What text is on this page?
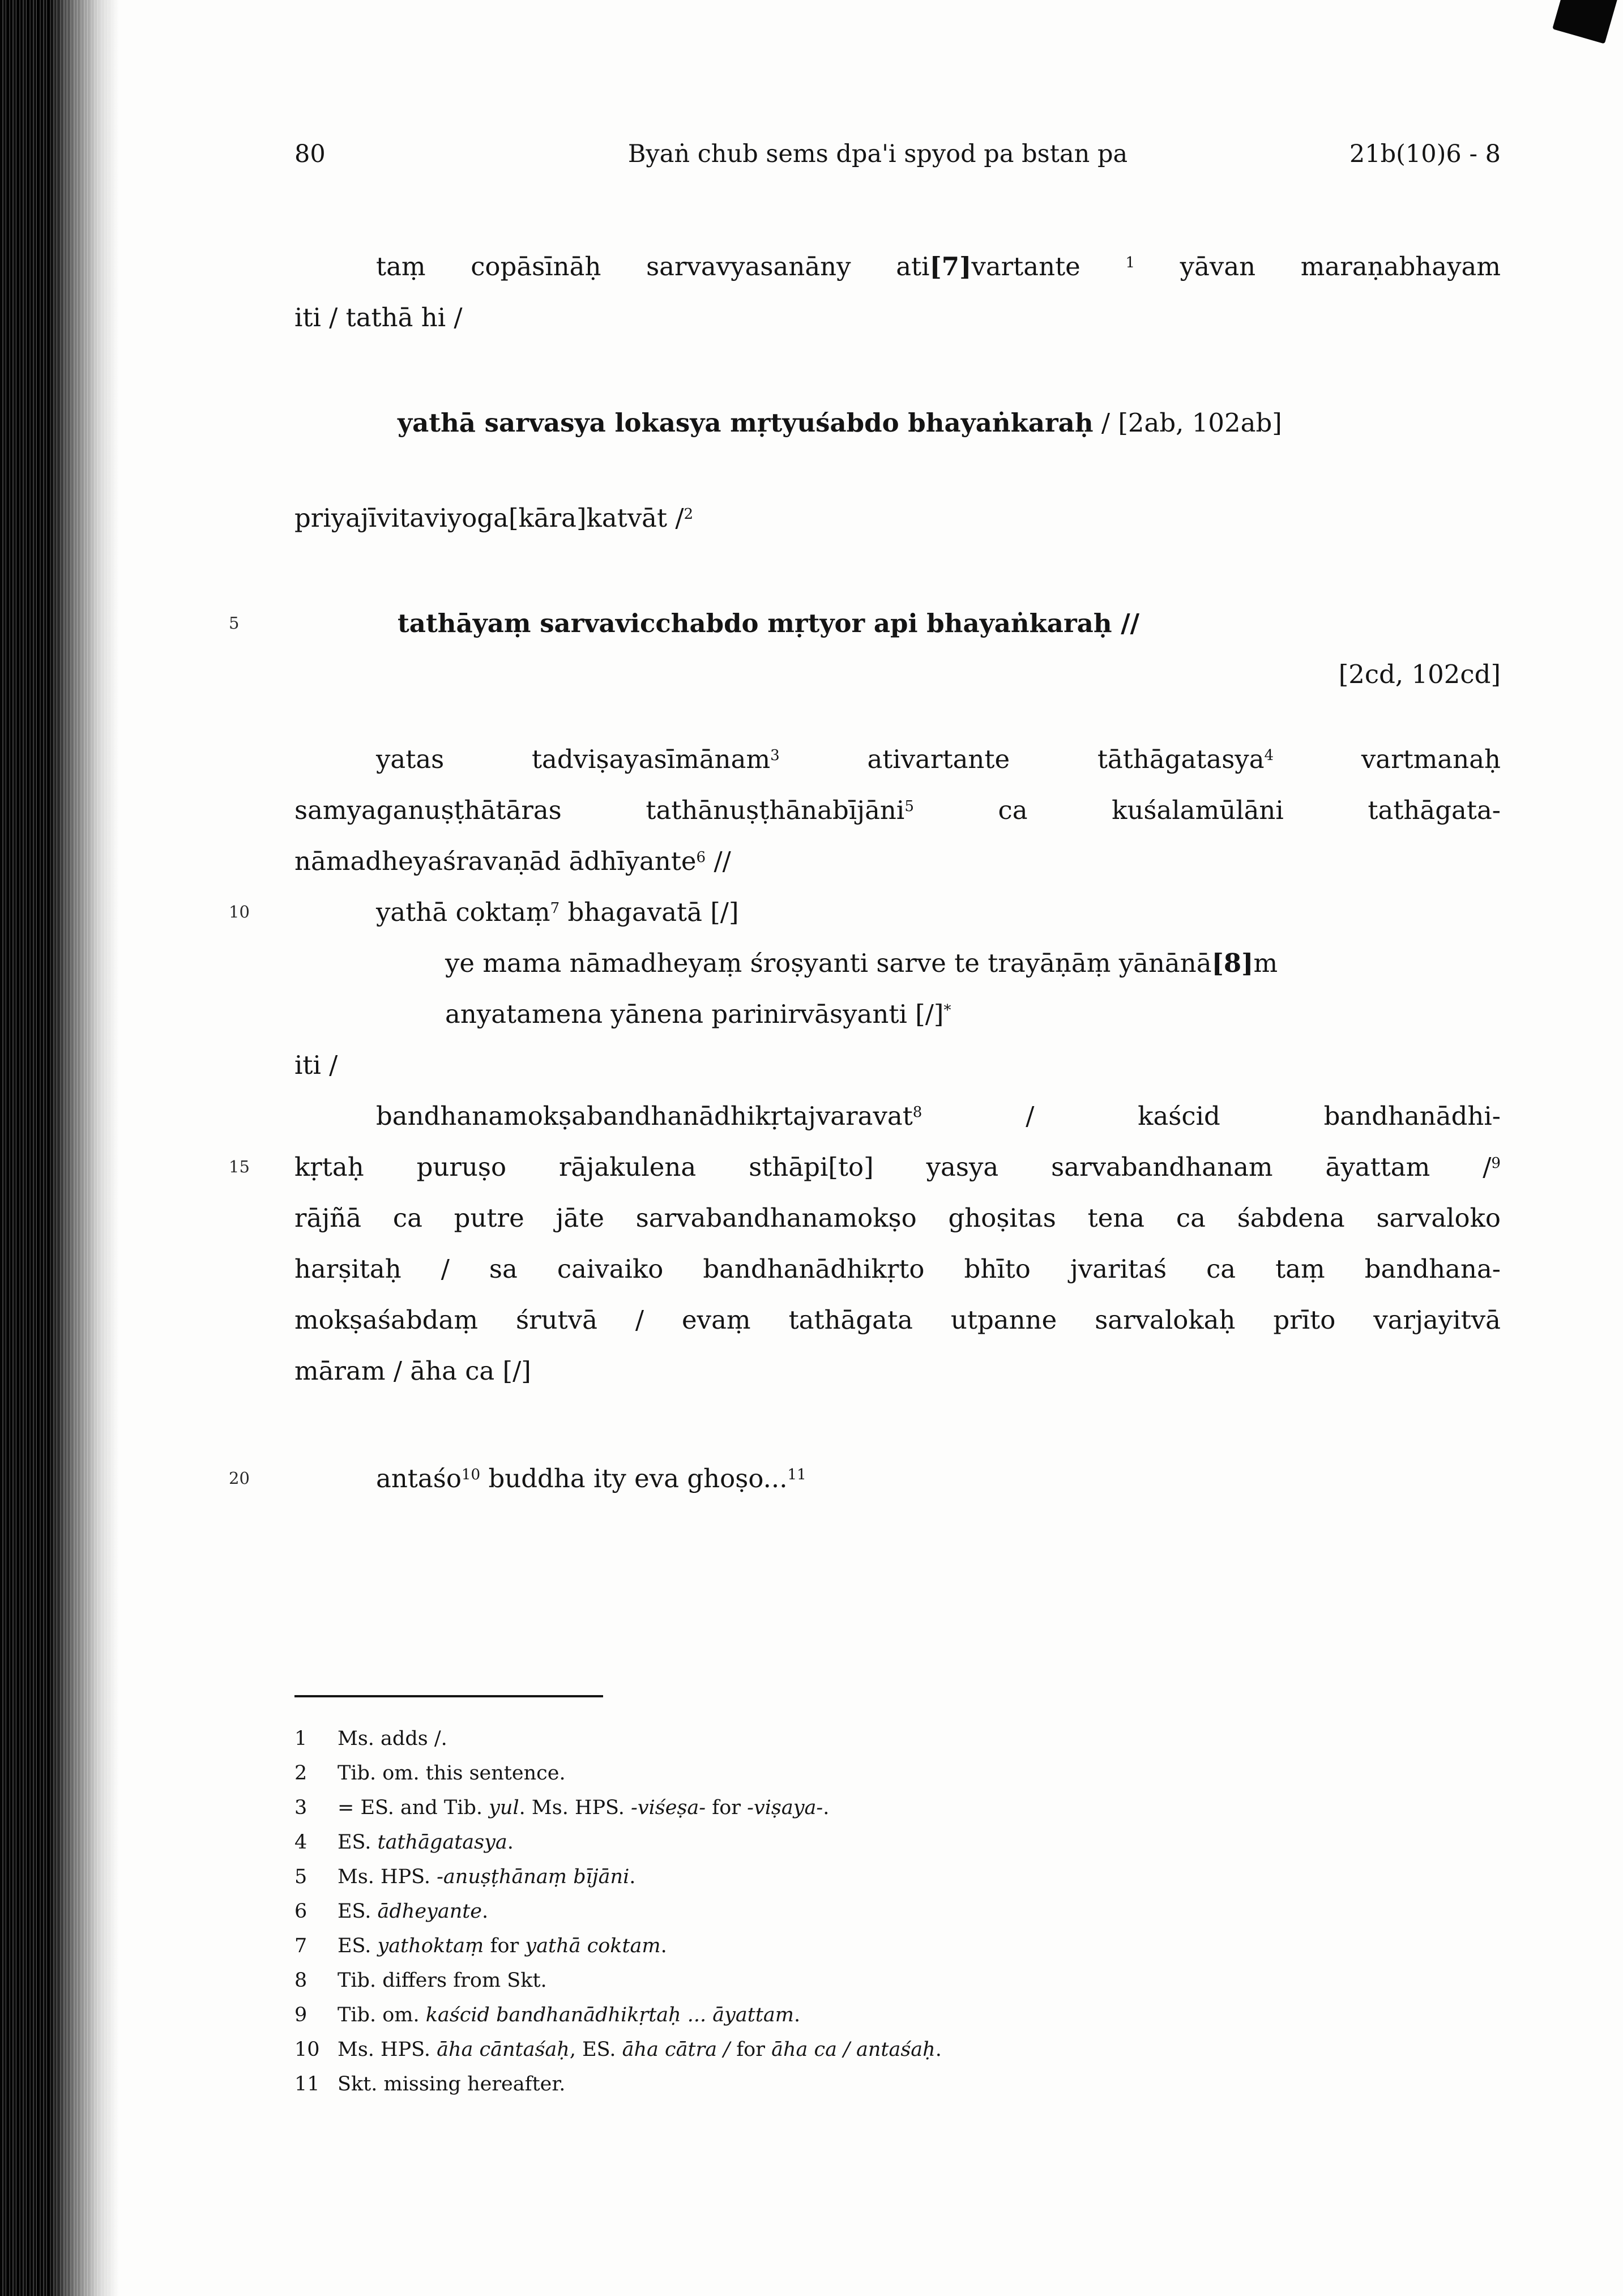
80	Byaṅ chub sems dpa'i spyod pa bstan pa	21b(10)6 - 8
5
10
15
20
taṃ copāsīnāḥ sarvavyasanāny ati[7]vartante $^1$ yāvan maraṇabhayam
iti / tathā hi /
yathā sarvasya lokasya mṛtyuśabdo bhayaṅkaraḥ / [2ab, 102ab]
priyajīvitaviyoga[kāra]katvāt /$^2$
tathāyaṃ sarvavicchabdo mṛtyor api bhayaṅkaraḥ //
[2cd, 102cd]
yatas tadviṣayasīmānam$^3$ ativartante tāthāgatasya$^4$ vartmanaḥ
samyaganuṣṭhātāras tathānuṣṭhānabījāni$^5$ ca kuśalamūlāni tathāgata-
nāmadheyaśravaṇād ādhīyante$^6$ //
yathā coktaṃ$^7$ bhagavatā [/]
ye mama nāmadheyaṃ śroṣyanti sarve te trayāṇāṃ yānānā[8]m
anyatamena yānena parinirvāsyanti [/]*
iti /
bandhanamokṣabandhanādhikṛtajvaravat$^8$ / kaścid bandhanādhi-
kṛtaḥ puruṣo rājakulena sthāpi[to] yasya sarvabandhanam āyattam /$^9$
rājñā ca putre jāte sarvabandhanamokṣo ghoṣitas tena ca śabdena sarvaloko
harṣitaḥ / sa caivaiko bandhanādhikṛto bhīto jvaritaś ca taṃ bandhana-
mokṣaśabdaṃ śrutvā / evaṃ tathāgata utpanne sarvalokaḥ prīto varjayitvā
māram / āha ca [/]
antaśo$^{10}$ buddha ity eva ghoṣo...$^{11}$
1	Ms. adds /.
2	Tib. om. this sentence.
3	= ES. and Tib. yul. Ms. HPS. -viśeṣa- for -viṣaya-.
4	ES. tathāgatasya.
5	Ms. HPS. -anuṣṭhānaṃ bījāni.
6	ES. ādheyante.
7	ES. yathoktaṃ for yathā coktam.
8	Tib. differs from Skt.
9	Tib. om. kaścid bandhanādhikṛtaḥ ... āyattam.
10 Ms. HPS. āha cāntaśaḥ, ES. āha cātra / for āha ca / antaśaḥ.
11 Skt. missing hereafter.
